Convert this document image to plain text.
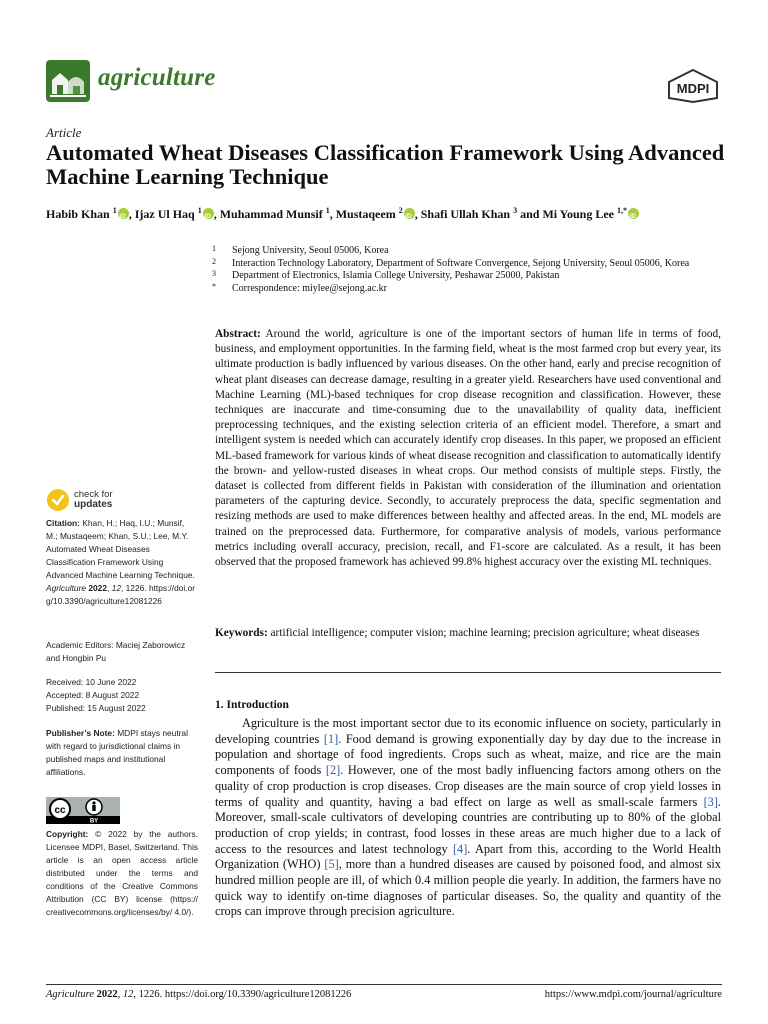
agriculture	MDPI
Article
Automated Wheat Diseases Classification Framework Using Advanced Machine Learning Technique
Habib Khan $^1$ iD , Ijaz Ul Haq $^1$ iD , Muhammad Munsif $^1$, Mustaqeem $^2$ iD , Shafi Ullah Khan $^3$ and Mi Young Lee $^{1,*}$iD
1 Sejong University, Seoul 05006, Korea
2 Interaction Technology Laboratory, Department of Software Convergence, Sejong University, Seoul 05006, Korea
3 Department of Electronics, Islamia College University, Peshawar 25000, Pakistan
* Correspondence: miylee@sejong.ac.kr
Abstract: Around the world, agriculture is one of the important sectors of human life in terms of food, business, and employment opportunities. In the farming field, wheat is the most farmed crop but every year, its ultimate production is badly influenced by various diseases. On the other hand, early and precise recognition of wheat plant diseases can decrease damage, resulting in a greater yield. Researchers have used conventional and Machine Learning (ML)-based techniques for crop disease recognition and classification. However, these techniques are inaccurate and time-consuming due to the unavailability of quality data, inefficient preprocessing techniques, and the existing selection criteria of an efficient model. Therefore, a smart and intelligent system is needed which can accurately identify crop diseases. In this paper, we proposed an efficient ML-based framework for various kinds of wheat disease recognition and classification to automatically identify the brown- and yellow-rusted diseases in wheat crops. Our method consists of multiple steps. Firstly, the dataset is collected from different fields in Pakistan with consideration of the illumination and orientation parameters of the capturing device. Secondly, to accurately preprocess the data, specific segmentation and resizing methods are used to make differences between healthy and affected areas. In the end, ML models are trained on the preprocessed data. Furthermore, for comparative analysis of models, various performance metrics including overall accuracy, precision, recall, and F1-score are calculated. As a result, it has been observed that the proposed framework has achieved 99.8% highest accuracy over the existing ML techniques.
Keywords: artificial intelligence; computer vision; machine learning; precision agriculture; wheat diseases
1. Introduction
Agriculture is the most important sector due to its economic influence on society, particularly in developing countries [1]. Food demand is growing exponentially day by day due to the increase in population and shortage of food ingredients. Crops such as wheat, maize, and rice are the main components of foods [2]. However, one of the most badly influencing factors among others on the quality of crop production is crop diseases. Crop diseases are the main source of crop yield losses in terms of quality and quantity, having a bad effect on large as well as small-scale farmers [3]. Moreover, small-scale cultivators of developing countries are contributing up to 80% of the global production of crop yields; in contrast, food losses in these areas are much higher due to a lack of access to the resources and latest technology [4]. Apart from this, according to the World Health Organization (WHO) [5], more than a hundred diseases are caused by poisoned food, and almost six hundred million people are ill, of which 0.4 million people die yearly. In addition, the farmers have no quick way to identify on-time diagnoses of particular diseases. So, the quality and quantity of the crops can improve through precision agriculture.
check for
updates
Citation: Khan, H.; Haq, I.U.; Munsif, M.; Mustaqeem; Khan, S.U.; Lee, M.Y. Automated Wheat Diseases Classification Framework Using Advanced Machine Learning Technique. Agriculture 2022, 12, 1226. https://doi.org/10.3390/agriculture12081226
Academic Editors: Maciej Zaborowicz and Hongbin Pu
Received: 10 June 2022
Accepted: 8 August 2022
Published: 15 August 2022
Publisher’s Note: MDPI stays neutral with regard to jurisdictional claims in published maps and institutional affiliations.
cc
BY
Copyright: © 2022 by the authors. Licensee MDPI, Basel, Switzerland. This article is an open access article distributed under the terms and conditions of the Creative Commons Attribution (CC BY) license (https:// creativecommons.org/licenses/by/ 4.0/).
Agriculture 2022, 12, 1226. https://doi.org/10.3390/agriculture12081226	https://www.mdpi.com/journal/agriculture
